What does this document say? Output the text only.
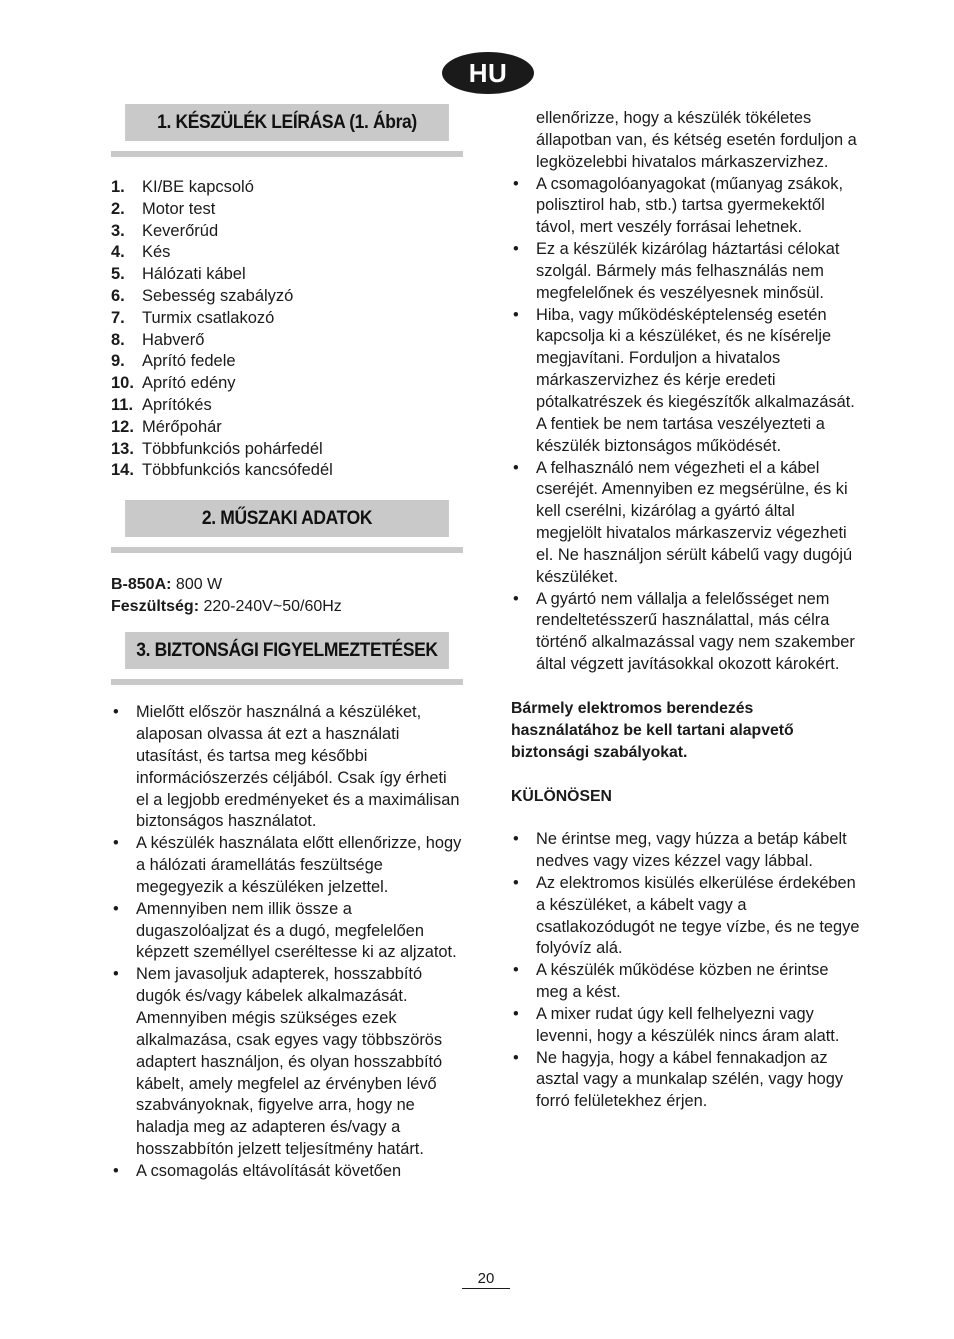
HU
1. KÉSZÜLÉK LEÍRÁSA (1. Ábra)
1.	KI/BE kapcsoló
2.	Motor test
3.	Keverőrúd
4.	Kés
5.	Hálózati kábel
6.	Sebesség szabályzó
7.	Turmix csatlakozó
8.	Habverő
9.	Aprító fedele
10. Aprító edény
11. Aprítókés
12. Mérőpohár
13. Többfunkciós pohárfedél
14. Többfunkciós kancsófedél
2. MŰSZAKI ADATOK
B-850A: 800 W
Feszültség: 220-240V~50/60Hz
3. BIZTONSÁGI FIGYELMEZTETÉSEK
• Mielőtt először használná a készüléket, alaposan olvassa át ezt a használati utasítást, és tartsa meg későbbi információszerzés céljából. Csak így érheti el a legjobb eredményeket és a maximálisan biztonságos használatot.
• A készülék használata előtt ellenőrizze, hogy a hálózati áramellátás feszültsége megegyezik a készüléken jelzettel.
• Amennyiben nem illik össze a dugaszolóaljzat és a dugó, megfelelően képzett személlyel cseréltesse ki az aljzatot.
• Nem javasoljuk adapterek, hosszabbító dugók és/vagy kábelek alkalmazását. Amennyiben mégis szükséges ezek alkalmazása, csak egyes vagy többszörös adaptert használjon, és olyan hosszabbító kábelt, amely megfelel az érvényben lévő szabványoknak, figyelve arra, hogy ne haladja meg az adapteren és/vagy a hosszabbítón jelzett teljesítmény határt.
• A csomagolás eltávolítását követően
ellenőrizze, hogy a készülék tökéletes állapotban van, és kétség esetén forduljon a legközelebbi hivatalos márkaszervizhez.
• A csomagolóanyagokat (műanyag zsákok, polisztirol hab, stb.) tartsa gyermekektől távol, mert veszély forrásai lehetnek.
• Ez a készülék kizárólag háztartási célokat szolgál. Bármely más felhasználás nem megfelelőnek és veszélyesnek minősül.
• Hiba, vagy működésképtelenség esetén kapcsolja ki a készüléket, és ne kísérelje megjavítani. Forduljon a hivatalos márkaszervizhez és kérje eredeti pótalkatrészek és kiegészítők alkalmazását. A fentiek be nem tartása veszélyezteti a készülék biztonságos működését.
• A felhasználó nem végezheti el a kábel cseréjét. Amennyiben ez megsérülne, és ki kell cserélni, kizárólag a gyártó által megjelölt hivatalos márkaszerviz végezheti el. Ne használjon sérült kábelű vagy dugójú készüléket.
• A gyártó nem vállalja a felelősséget nem rendeltetésszerű használattal, más célra történő alkalmazással vagy nem szakember által végzett javításokkal okozott károkért.

Bármely elektromos berendezés használatához be kell tartani alapvető biztonsági szabályokat.

KÜLÖNÖSEN

• Ne érintse meg, vagy húzza a betáp kábelt nedves vagy vizes kézzel vagy lábbal.
• Az elektromos kisülés elkerülése érdekében a készüléket, a kábelt vagy a csatlakozódugót ne tegye vízbe, és ne tegye folyóvíz alá.
• A készülék működése közben ne érintse meg a kést.
• A mixer rudat úgy kell felhelyezni vagy levenni, hogy a készülék nincs áram alatt.
• Ne hagyja, hogy a kábel fennakadjon az asztal vagy a munkalap szélén, vagy hogy forró felületekhez érjen.
20
